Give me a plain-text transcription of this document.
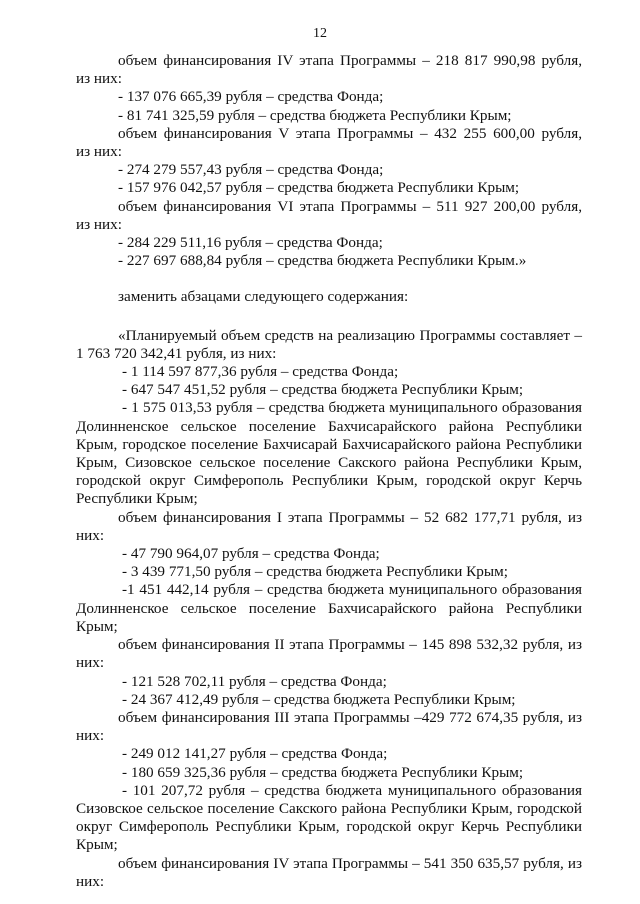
12
объем финансирования IV этапа Программы – 218 817 990,98 рубля,
из них:
- 137 076 665,39 рубля – средства Фонда;
- 81 741 325,59 рубля – средства бюджета Республики Крым;
объем финансирования V этапа Программы – 432 255 600,00 рубля,
из них:
- 274 279 557,43 рубля – средства Фонда;
- 157 976 042,57 рубля – средства бюджета Республики Крым;
объем финансирования VI этапа Программы – 511 927 200,00 рубля,
из них:
- 284 229 511,16 рубля – средства Фонда;
- 227 697 688,84 рубля – средства бюджета Республики Крым.»
заменить абзацами следующего содержания:
«Планируемый объем средств на реализацию Программы составляет –
1 763 720 342,41 рубля, из них:
- 1 114 597 877,36 рубля – средства Фонда;
- 647 547 451,52 рубля – средства бюджета Республики Крым;
- 1 575 013,53 рубля – средства бюджета муниципального образования
Долинненское сельское поселение Бахчисарайского района Республики
Крым, городское поселение Бахчисарай Бахчисарайского района Республики
Крым, Сизовское сельское поселение Сакского района Республики Крым,
городской округ Симферополь Республики Крым, городской округ Керчь
Республики Крым;
объем финансирования I этапа Программы – 52 682 177,71 рубля, из
них:
- 47 790 964,07 рубля – средства Фонда;
- 3 439 771,50 рубля – средства бюджета Республики Крым;
-1 451 442,14 рубля – средства бюджета муниципального образования
Долинненское сельское поселение Бахчисарайского района Республики
Крым;
объем финансирования II этапа Программы – 145 898 532,32 рубля, из
них:
- 121 528 702,11 рубля – средства Фонда;
- 24 367 412,49 рубля – средства бюджета Республики Крым;
объем финансирования III этапа Программы –429 772 674,35 рубля, из
них:
- 249 012 141,27 рубля – средства Фонда;
- 180 659 325,36 рубля – средства бюджета Республики Крым;
- 101 207,72 рубля – средства бюджета муниципального образования
Сизовское сельское поселение Сакского района Республики Крым, городской
округ Симферополь Республики Крым, городской округ Керчь Республики
Крым;
объем финансирования IV этапа Программы – 541 350 635,57 рубля, из
них:
